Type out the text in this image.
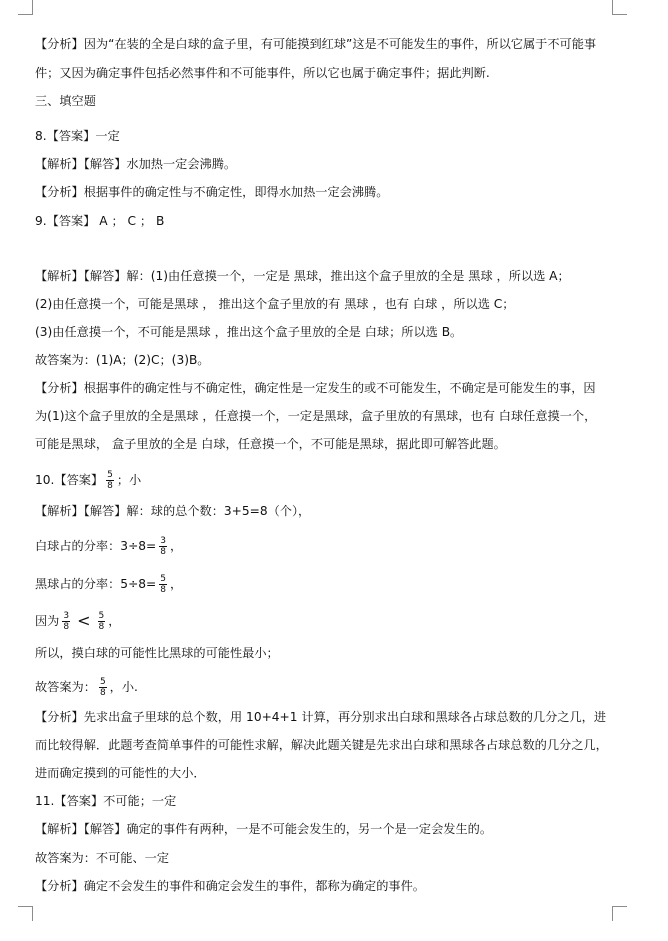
【分析】因为“在装的全是白球的盒子里，有可能摸到红球”这是不可能发生的事件，所以它属于不可能事
件；又因为确定事件包括必然事件和不可能事件，所以它也属于确定事件；据此判断.
三、填空题
8.【答案】一定
【解析】【解答】水加热一定会沸腾。
【分析】根据事件的确定性与不确定性，即得水加热一定会沸腾。
9.【答案】 A ； C ； B
【解析】【解答】解：(1)由任意摸一个，一定是 黑球，推出这个盒子里放的全是 黑球 ，所以选 A；
(2)由任意摸一个，可能是黑球 ， 推出这个盒子里放的有 黑球 ，也有 白球 ，所以选 C；
(3)由任意摸一个，不可能是黑球 ，推出这个盒子里放的全是 白球；所以选 B。
故答案为：(1)A；(2)C；(3)B。
【分析】根据事件的确定性与不确定性，确定性是一定发生的或不可能发生，不确定是可能发生的事，因
为(1)这个盒子里放的全是黑球 ，任意摸一个，一定是黑球，盒子里放的有黑球，也有 白球任意摸一个，
可能是黑球， 盒子里放的全是 白球，任意摸一个，不可能是黑球，据此即可解答此题。
10.【答案】 $\frac{5}{8}$ ；小
【解析】【解答】解：球的总个数：3+5=8（个），
白球占的分率：$3\div 8= \frac{3}{8}$ ，
黑球占的分率：$5\div 8= \frac{5}{8}$ ，
因为 $\frac{3}{8} < \frac{5}{8}$ ，
所以，摸白球的可能性比黑球的可能性最小；
故答案为： $\frac{5}{8}$ ，小.
【分析】先求出盒子里球的总个数，用 10+4+1 计算，再分别求出白球和黑球各占球总数的几分之几，进
而比较得解．此题考查简单事件的可能性求解，解决此题关键是先求出白球和黑球各占球总数的几分之几，
进而确定摸到的可能性的大小．
11.【答案】不可能；一定
【解析】【解答】确定的事件有两种，一是不可能会发生的，另一个是一定会发生的。
故答案为：不可能、一定
【分析】确定不会发生的事件和确定会发生的事件，都称为确定的事件。
